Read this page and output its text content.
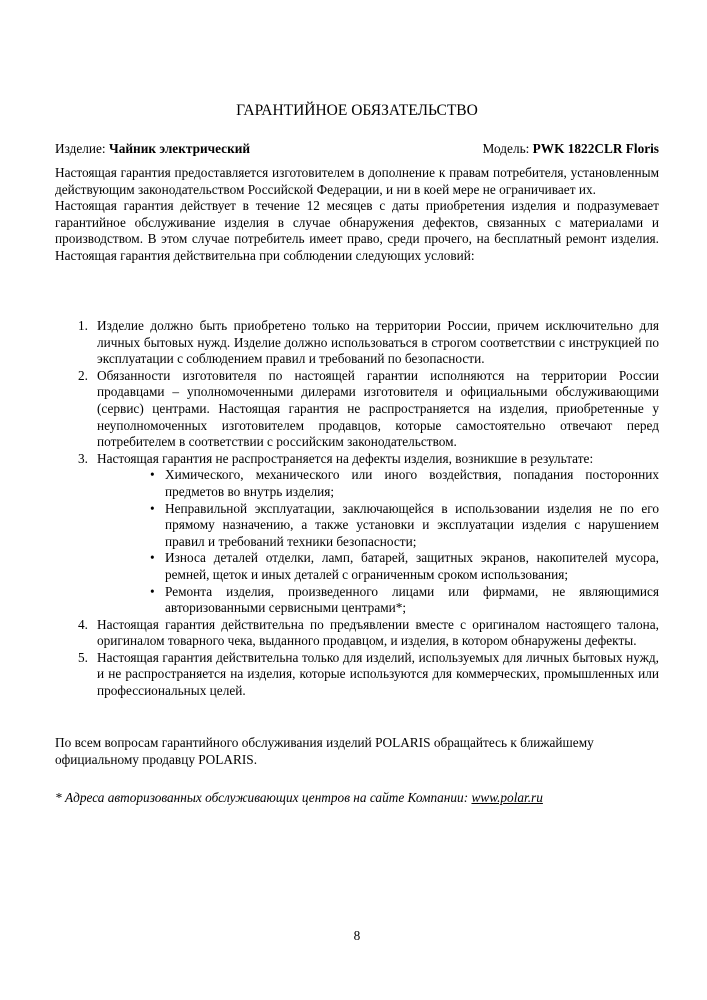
ГАРАНТИЙНОЕ ОБЯЗАТЕЛЬСТВО
Изделие: Чайник электрический	Модель: PWK 1822CLR Floris

Настоящая гарантия предоставляется изготовителем в дополнение к правам потребителя, установленным действующим законодательством Российской Федерации, и ни в коей мере не ограничивает их.

Настоящая гарантия действует в течение 12 месяцев с даты приобретения изделия и подразумевает гарантийное обслуживание изделия в случае обнаружения дефектов, связанных с материалами и производством. В этом случае потребитель имеет право, среди прочего, на бесплатный ремонт изделия. Настоящая гарантия действительна при соблюдении следующих условий:

1. Изделие должно быть приобретено только на территории России, причем исключительно для личных бытовых нужд. Изделие должно использоваться в строгом соответствии с инструкцией по эксплуатации с соблюдением правил и требований по безопасности.
2. Обязанности изготовителя по настоящей гарантии исполняются на территории России продавцами – уполномоченными дилерами изготовителя и официальными обслуживающими (сервис) центрами. Настоящая гарантия не распространяется на изделия, приобретенные у неуполномоченных изготовителем продавцов, которые самостоятельно отвечают перед потребителем в соответствии с российским законодательством.
3. Настоящая гарантия не распространяется на дефекты изделия, возникшие в результате:
• Химического, механического или иного воздействия, попадания посторонних предметов во внутрь изделия;
• Неправильной эксплуатации, заключающейся в использовании изделия не по его прямому назначению, а также установки и эксплуатации изделия с нарушением правил и требований техники безопасности;
• Износа деталей отделки, ламп, батарей, защитных экранов, накопителей мусора, ремней, щеток и иных деталей с ограниченным сроком использования;
• Ремонта изделия, произведенного лицами или фирмами, не являющимися авторизованными сервисными центрами*;
4. Настоящая гарантия действительна по предъявлении вместе с оригиналом настоящего талона, оригиналом товарного чека, выданного продавцом, и изделия, в котором обнаружены дефекты.
5. Настоящая гарантия действительна только для изделий, используемых для личных бытовых нужд, и не распространяется на изделия, которые используются для коммерческих, промышленных или профессиональных целей.

По всем вопросам гарантийного обслуживания изделий POLARIS обращайтесь к ближайшему официальному продавцу POLARIS.

* Адреса авторизованных обслуживающих центров на сайте Компании: www.polar.ru

8
